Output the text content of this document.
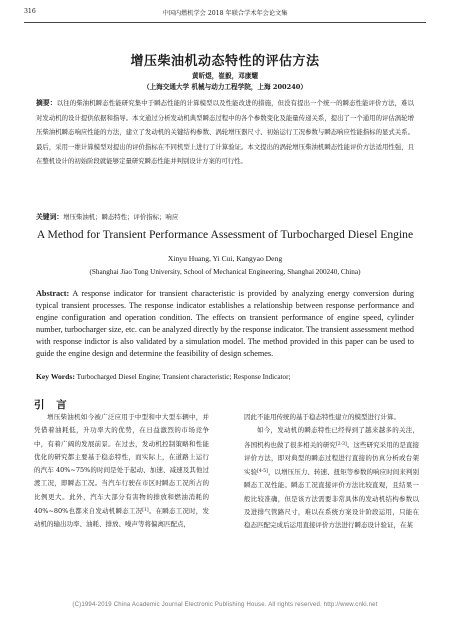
316	中国内燃机学会 2018 年联合学术年会论文集
增压柴油机动态特性的评估方法
黄昕煜，崔毅，邓康耀
（上海交通大学 机械与动力工程学院，上海 200240）
摘要：以往的柴油机瞬态性能研究集中于瞬态性能的计算模型以及性能改进的措施，但没有提出一个统一的瞬态性能评价方法，难以对发动机的设计提供依据和指导。本文通过分析发动机典型瞬态过程中的各个参数变化及能量传递关系，提出了一个通用的评估涡轮增压柴油机瞬态响应性能的方法，建立了发动机的关键结构参数、涡轮增压器尺寸、初始运行工况参数与瞬态响应性能指标的显式关系。最后，采用一维计算模型对提出的评价指标在不同机型上进行了计算验证。本文提出的涡轮增压柴油机瞬态性能评价方法适用性强，且在整机设计的初始阶段就能够定量研究瞬态性能并判别设计方案的可行性。
关键词：增压柴油机；瞬态特性；评价指标；响应
A Method for Transient Performance Assessment of Turbocharged Diesel Engine
Xinyu Huang, Yi Cui, Kangyao Deng
(Shanghai Jiao Tong University, School of Mechanical Engineering, Shanghai 200240, China)
Abstract: A response indicator for transient characteristic is provided by analyzing energy conversion during typical transient processes. The response indicator establishes a relationship between response performance and engine configuration and operation condition. The effects on transient performance of engine speed, cylinder number, turbocharger size, etc. can be analyzed directly by the response indicator. The transient assessment method with response indictor is also validated by a simulation model. The method provided in this paper can be used to guide the engine design and determine the feasibility of design schemes.
Key Words: Turbocharged Diesel Engine; Transient characteristic; Response Indicator;
引 言

增压柴油机如今被广泛应用于中型和中大型车辆中，并凭借着油耗低，升功率大的优势，在日益激烈的市场竞争中，有着广阔的发展前景。在过去，发动机控制策略和性能优化的研究都主要基于稳态特性，而实际上，在道路上运行的汽车 40%~75%的时间是处于起动、加速、减速及其他过渡工况，即瞬态工况。当汽车行驶在市区时瞬态工况所占的比例更大。此外，汽车大部分有害物的排放和燃油消耗的 40%~80%也都来自发动机瞬态工况[1]。在瞬态工况时，发动机的输出功率、油耗、排放、噪声等将偏离匹配点，

因此不能用传统的基于稳态特性建立的模型进行计算。

如今，发动机的瞬态特性已经得到了越来越多的关注，各国机构也做了很多相关的研究[2-3]。这些研究采用的是直接评价方法，即对典型的瞬态过程进行直接的仿真分析或台架实验[4-5]，以增压压力、转速、扭矩等参数的响应时间来判别瞬态工况性能。瞬态工况直接评价方法比较直观，且结果一般比较准确，但是该方法需要非常具体的发动机结构参数以及进排气管路尺寸，难以在系统方案设计阶段运用，只能在稳态匹配完成后运用直接评价方法进行瞬态设计验证，在某

(C)1994-2019 China Academic Journal Electronic Publishing House. All rights reserved. http://www.cnki.net
